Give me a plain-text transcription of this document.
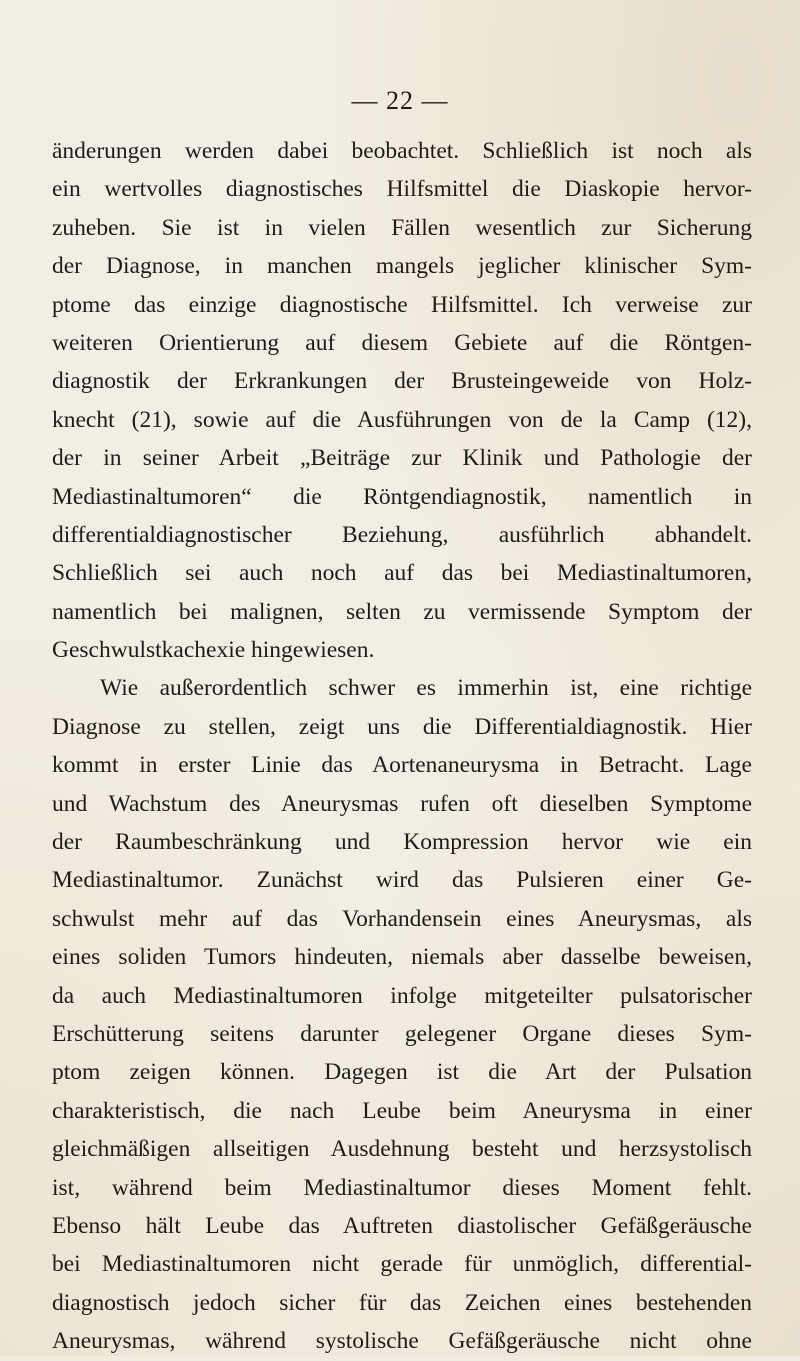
— 22 —
änderungen werden dabei beobachtet. Schließlich ist noch als
ein wertvolles diagnostisches Hilfsmittel die Diaskopie hervor-
zuheben. Sie ist in vielen Fällen wesentlich zur Sicherung
der Diagnose, in manchen mangels jeglicher klinischer Sym-
ptome das einzige diagnostische Hilfsmittel. Ich verweise zur
weiteren Orientierung auf diesem Gebiete auf die Röntgen-
diagnostik der Erkrankungen der Brusteingeweide von Holz-
knecht (21), sowie auf die Ausführungen von de la Camp (12),
der in seiner Arbeit „Beiträge zur Klinik und Pathologie der
Mediastinaltumoren“ die Röntgendiagnostik, namentlich in
differentialdiagnostischer Beziehung, ausführlich abhandelt.
Schließlich sei auch noch auf das bei Mediastinaltumoren,
namentlich bei malignen, selten zu vermissende Symptom der
Geschwulstkachexie hingewiesen.
Wie außerordentlich schwer es immerhin ist, eine richtige
Diagnose zu stellen, zeigt uns die Differentialdiagnostik. Hier
kommt in erster Linie das Aortenaneurysma in Betracht. Lage
und Wachstum des Aneurysmas rufen oft dieselben Symptome
der Raumbeschränkung und Kompression hervor wie ein
Mediastinaltumor. Zunächst wird das Pulsieren einer Ge-
schwulst mehr auf das Vorhandensein eines Aneurysmas, als
eines soliden Tumors hindeuten, niemals aber dasselbe beweisen,
da auch Mediastinaltumoren infolge mitgeteilter pulsatorischer
Erschütterung seitens darunter gelegener Organe dieses Sym-
ptom zeigen können. Dagegen ist die Art der Pulsation
charakteristisch, die nach Leube beim Aneurysma in einer
gleichmäßigen allseitigen Ausdehnung besteht und herzsystolisch
ist, während beim Mediastinaltumor dieses Moment fehlt.
Ebenso hält Leube das Auftreten diastolischer Gefäßgeräusche
bei Mediastinaltumoren nicht gerade für unmöglich, differential-
diagnostisch jedoch sicher für das Zeichen eines bestehenden
Aneurysmas, während systolische Gefäßgeräusche nicht ohne
